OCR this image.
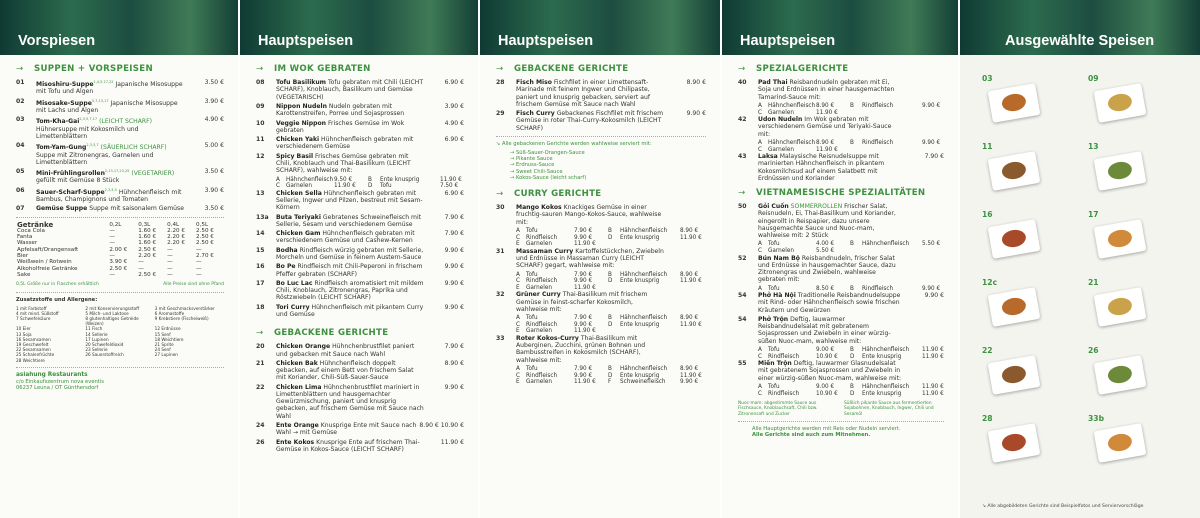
Vorspiesen
→ SUPPEN + VORSPEISEN
01 Misoshiru-Suppe$^{1,4,5,17,22}$ Japanische Misosuppe mit Tofu und Algen
3.50 €
02 Misosake-Suppe$^{5,7,13,17}$ Japanische Misosuppe mit Lachs und Algen
3.90 €
03 Tom-Kha-Gai$^{2,3,5,7,17}$ (LEICHT SCHARF) Hühnersuppe mit Kokosmilch und Limettenblättern
4.90 €
04 Tom-Yam-Gung$^{2,3,5,7}$ (SÄUERLICH SCHARF) Suppe mit Zitronengras, Garnelen und Limettenblättern
5.00 €
05 Mini-Frühlingsrollen$^{2,13,17,23,25}$ (VEGETARIER) gefüllt mit Gemüse 8 Stück
3.50 €
06 Sauer-Scharf-Suppe$^{2,3,4,5}$ Hühnchenfleisch mit Bambus, Champignons und Tomaten
3.90 €
07 Gemüse Suppe Suppe mit saisonalem Gemüse	3.50 €
Getränke	0,2L	0,3L	0,4L	0,5L
Coca Cola	—	1.60 €	2.20 €	2.50 €
Fanta	—	1.60 €	2.20 €	2.50 €
Wasser	—	1.60 €	2.20 €	2.50 €
Apfelsaft/Orangensaft	2.00 €	2.50 €	—	—
Bier	—	2.20 €	—	2.70 €
Weißwein / Rotwein	3.90 €	—	—	—
Alkoholfreie Getränke	2.50 €	—	—	—
Sake	—	2.50 €	—	—
0,5L Größe nur in Flaschen erhältlich	Alle Preise sind ohne Pfand
Zusatzstoffe und Allergene:
1 mit Farbstoff	2 mit Konservierungsstoff	3 mit Geschmacksverstärker
4 mit mind. Süßstoff	5 Milch- und Laktose	6 Aromastoffe
7 Schwefelsäure	8 glutenhaltiges Getreide (Weizen)
9 Krebstiere (Fischeiweiß)
10 Eier	11 Fisch	12 Erdnüsse
13 Soja	14 Sellerie	15 Senf
16 Sesamsamen	17 Lupinen	18 Weichtiere
19 Geschwefelt	20 Schwefeldioxid	21 Sprite
22 Sesamsamen	23 Sellerie	24 Senf
25 Schalenfrüchte	26 Sauerstoffreich	27 Lupinen
28 Weichtiere
asiahung Restaurants
c/o Einkaufszentrum nova eventis
06237 Leuna / OT Günthersdorf
Hauptspeisen
→ IM WOK GEBRATEN
08 Tofu Basilikum Tofu gebraten mit Chili (LEICHT SCHARF), Knoblauch, Basilikum und Gemüse (VEGETARISCH)
6.90 €
09 Nippon Nudeln Nudeln gebraten mit Karottenstreifen, Porree und Sojasprossen
3.90 €
10 Veggie Nippon Frisches Gemüse im Wok gebraten
4.90 €
11 Chicken Yaki Hühnchenfleisch gebraten mit verschiedenem Gemüse
6.90 €
12 Spicy Basil Frisches Gemüse gebraten mit Chili, Knoblauch und Thai-Basilikum (LEICHT SCHARF), wahlweise mit:
A	Hähnchenfleisch 9.50 €	B	Ente knusprig	11.90 €
C	Garnelen	11.90 €	D	Tofu	7.50 €
13 Chicken Sella Hühnchenfleisch gebraten mit Sellerie, Ingwer und Pilzen, bestreut mit Sesam-Körnern
6.90 €
13a Buta Teriyaki Gebratenes Schweinefleisch mit Sellerie, Sesam und verschiedenem Gemüse
7.90 €
14 Chicken Gam Hühnchenfleisch gebraten mit verschiedenem Gemüse und Cashew-Kernen
7.90 €
15 Bodha Rindfleisch würzig gebraten mit Sellerie, Morcheln und Gemüse in feinem Austern-Sauce
9.90 €
16 Bo Pe Rindfleisch mit Chili-Peperoni in frischem Pfeffer gebraten (SCHARF)
9.90 €
17 Bo Luc Lac Rindfleisch aromatisiert mit mildem Chili, Knoblauch, Zitronengras, Paprika und Röstzwiebeln (LEICHT SCHARF)
9.90 €
18 Tori Curry Hühnchenfleisch mit pikantem Curry und Gemüse
9.90 €
→ GEBACKENE GERICHTE
20 Chicken Orange Hühnchenbrustfilet paniert und gebacken mit Sauce nach Wahl
7.90 €
21 Chicken Bak Hühnchenfleisch doppelt gebacken, auf einem Bett von frischem Salat mit Koriander, Chili-Süß-Sauer-Sauce
8.90 €
22 Chicken Lima Hühnchenbrustfilet mariniert in Limettenblättern und hausgemachter Gewürzmischung, paniert und knusprig gebacken, auf frischem Gemüse mit Sauce nach Wahl
9.90 €
24 Ente Orange Knusprige Ente mit Sauce nach Wahl → mit Gemüse
8.90 € 10.90 €
26 Ente Kokos Knusprige Ente auf frischem Thai-Gemüse in Kokos-Sauce (LEICHT SCHARF)
11.90 €
Hauptspeisen
→ GEBACKENE GERICHTE
28 Fisch Miso Fischfilet in einer Limettensaft-Marinade mit feinem Ingwer und Chilipaste, paniert und knusprig gebacken, serviert auf frischem Gemüse mit Sauce nach Wahl
8.90 €
29 Fisch Curry Gebackenes Fischfilet mit frischem Gemüse in roter Thai-Curry-Kokosmilch (LEICHT SCHARF)
9.90 €
↘ Alle gebackenen Gerichte werden wahlweise serviert mit:
→ Süß-Sauer-Orangen-Sauce
→ Pikante Sauce
→ Erdnuss-Sauce
→ Sweet Chili-Sauce
→ Kokos-Sauce (leicht scharf)
→ CURRY GERICHTE
30 Mango Kokos Knackiges Gemüse in einer fruchtig-sauren Mango-Kokos-Sauce, wahlweise mit:
A	Tofu	7.90 €	B	Hähnchenfleisch	8.90 €
C	Rindfleisch	9.90 €	D	Ente knusprig	11.90 €
E	Garnelen	11.90 €
31 Massaman Curry Kartoffelstückchen, Zwiebeln und Erdnüsse in Massaman Curry (LEICHT SCHARF) gegart, wahlweise mit:
A	Tofu	7.90 €	B	Hähnchenfleisch	8.90 €
C	Rindfleisch	9.90 €	D	Ente knusprig	11.90 €
E	Garnelen	11.90 €
32 Grüner Curry Thai-Basilikum mit frischem Gemüse in feinst-scharfer Kokosmilch, wahlweise mit:
A	Tofu	7.90 €	B	Hähnchenfleisch	8.90 €
C	Rindfleisch	9.90 €	D	Ente knusprig	11.90 €
E	Garnelen	11.90 €
33 Roter Kokos-Curry Thai-Basilikum mit Auberginen, Zucchini, grünen Bohnen und Bambusstreifen in Kokosmilch (SCHARF), wahlweise mit:
A	Tofu	7.90 €	B	Hähnchenfleisch	8.90 €
C	Rindfleisch	9.90 €	D	Ente knusprig	11.90 €
E	Garnelen	11.90 €	F	Schweinefleisch	9.90 €
Hauptspeisen
→ SPEZIALGERICHTE
40 Pad Thai Reisbandnudeln gebraten mit Ei, Soja und Erdnüssen in einer hausgemachten Tamarind-Sauce mit:
A	Hähnchenfleisch 8.90 €	B	Rindfleisch	9.90 €
C	Garnelen	11.90 €
42 Udon Nudeln Im Wok gebraten mit verschiedenem Gemüse und Teriyaki-Sauce mit:
A	Hähnchenfleisch 8.90 €	B	Rindfleisch	9.90 €
C	Garnelen	11.90 €
43 Laksa Malaysische Reisnudelsuppe mit marinierten Hähnchenfleisch in pikantem Kokosmilchsud auf einem Salatbett mit Erdnüssen und Koriander
7.90 €
→ VIETNAMESISCHE SPEZIALITÄTEN
50 Gỏi Cuốn SOMMERROLLEN Frischer Salat, Reisnudeln, Ei, Thai-Basilikum und Koriander, eingerollt in Reispapier, dazu unsere hausgemachte Sauce und Nuoc-mam, wahlweise mit: 2 Stück
A	Tofu	4.00 €	B	Hähnchenfleisch	5.50 €
C	Garnelen	5.50 €
52 Bún Nam Bộ Reisbandnudeln, frischer Salat und Erdnüsse in hausgemachter Sauce, dazu Zitronengras und Zwiebeln, wahlweise gebraten mit:
A	Tofu	8.50 €	B	Rindfleisch	9.90 €
54 Phở Hà Nội Traditionelle Reisbandnudelsuppe mit Rind- oder Hähnchenfleisch sowie frischen Kräutern und Gewürzen
9.90 €
54 Phở Trộn Deftig, lauwarmer Reisbandnudelsalat mit gebratenem Sojasprossen und Zwiebeln in einer würzig-süßen Nuoc-mam, wahlweise mit:
A	Tofu	9.00 €	B	Hähnchenfleisch	11.90 €
C	Rindfleisch	10.90 €	D	Ente knusprig	11.90 €
55 Miến Trộn Deftig, lauwarmer Glasnudelsalat mit gebratenem Sojasprossen und Zwiebeln in einer würzig-süßen Nuoc-mam, wahlweise mit:
A	Tofu	9.00 €	B	Hähnchenfleisch	11.90 €
C	Rindfleisch	10.90 €	D	Ente knusprig	11.90 €
Nuoc-mam: abgestimmte Sauce aus Fischsauce, Knoblauchsaft, Chili bzw. Zitronensaft und Zucker
Süßlich pikante Sauce aus fermentierten Sojabohnen, Knoblauch, Ingwer, Chili und Sesamöl
Alle Hauptgerichte werden mit Reis oder Nudeln serviert.
Alle Gerichte sind auch zum Mitnehmen.
Ausgewählte Speisen
03	09
11	13
16	17
12c	21
22	26
28	33b
↘ Alle abgebildeten Gerichte sind Beispielfotos und Serviervorschläge
